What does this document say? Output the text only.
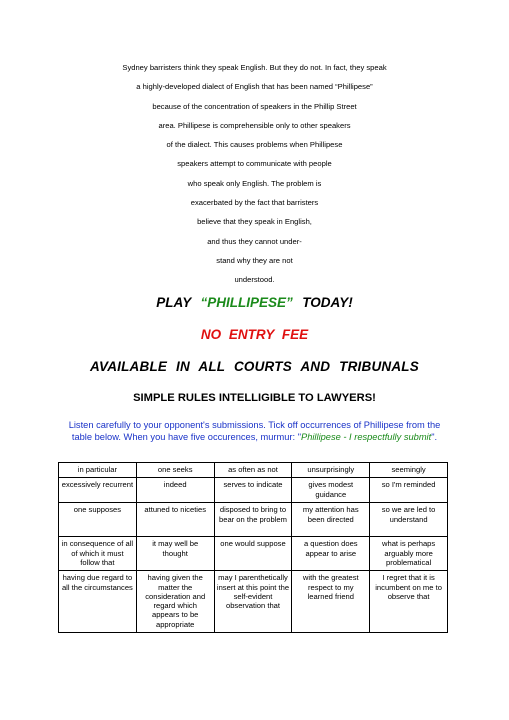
Sydney barristers think they speak English. But they do not. In fact, they speak
a highly-developed dialect of English that has been named “Phillipese”
because of the concentration of speakers in the Phillip Street
area. Phillipese is comprehensible only to other speakers
of the dialect. This causes problems when Phillipese
speakers attempt to communicate with people
who speak only English. The problem is
exacerbated by the fact that barristers
believe that they speak in English,
and thus they cannot under-
stand why they are not
understood.
PLAY “PHILLIPESE” TODAY!
NO ENTRY FEE
AVAILABLE IN ALL COURTS AND TRIBUNALS
SIMPLE RULES INTELLIGIBLE TO LAWYERS!
Listen carefully to your opponent's submissions. Tick off occurrences of Phillipese from the table below. When you have five occurences, murmur: "Phillipese - I respectfully submit".
in particular	one seeks	as often as not	unsurprisingly	seemingly
excessively recurrent	indeed	serves to indicate	gives modest guidance	so I'm reminded
one supposes	attuned to niceties	disposed to bring to bear on the problem	my attention has been directed	so we are led to understand
in consequence of all of which it must follow that	it may well be thought	one would suppose	a question does appear to arise	what is perhaps arguably more problematical
having due regard to all the circumstances	having given the matter the consideration and regard which appears to be appropriate	may I parenthetically insert at this point the self-evident observation that	with the greatest respect to my learned friend	I regret that it is incumbent on me to observe that
